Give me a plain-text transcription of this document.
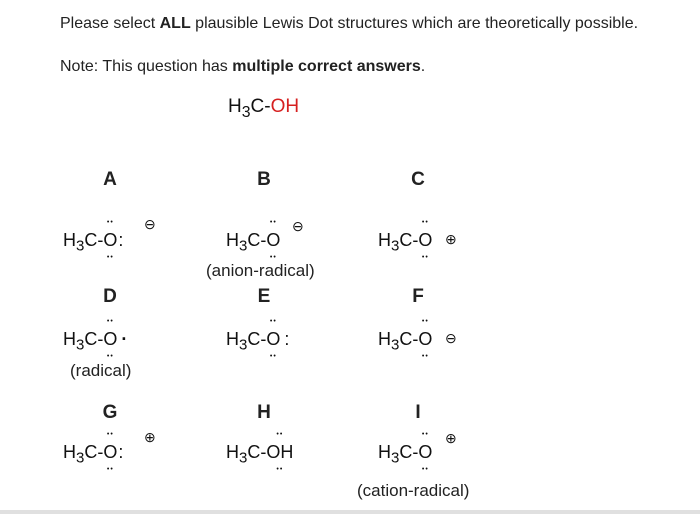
Please select ALL plausible Lewis Dot structures which are theoretically possible.
Note: This question has multiple correct answers.
$H_3C-OH$
A	B	C
$H_3C-••$ O ••:
⊖
$H_3C-••$ O ••
⊖
(anion-radical)
$H_3C-••$ O •• ⊕
D	E	F
$H_3C-••$ O •• ·
(radical)
$H_3C-••$ O •• :	$H_3C-••$ O •• ⊖
G	H	I
$H_3C-••$ O ••:
⊕
$H_3C-••$ OH ••	$H_3C-••$ O ••
⊕
(cation-radical)
